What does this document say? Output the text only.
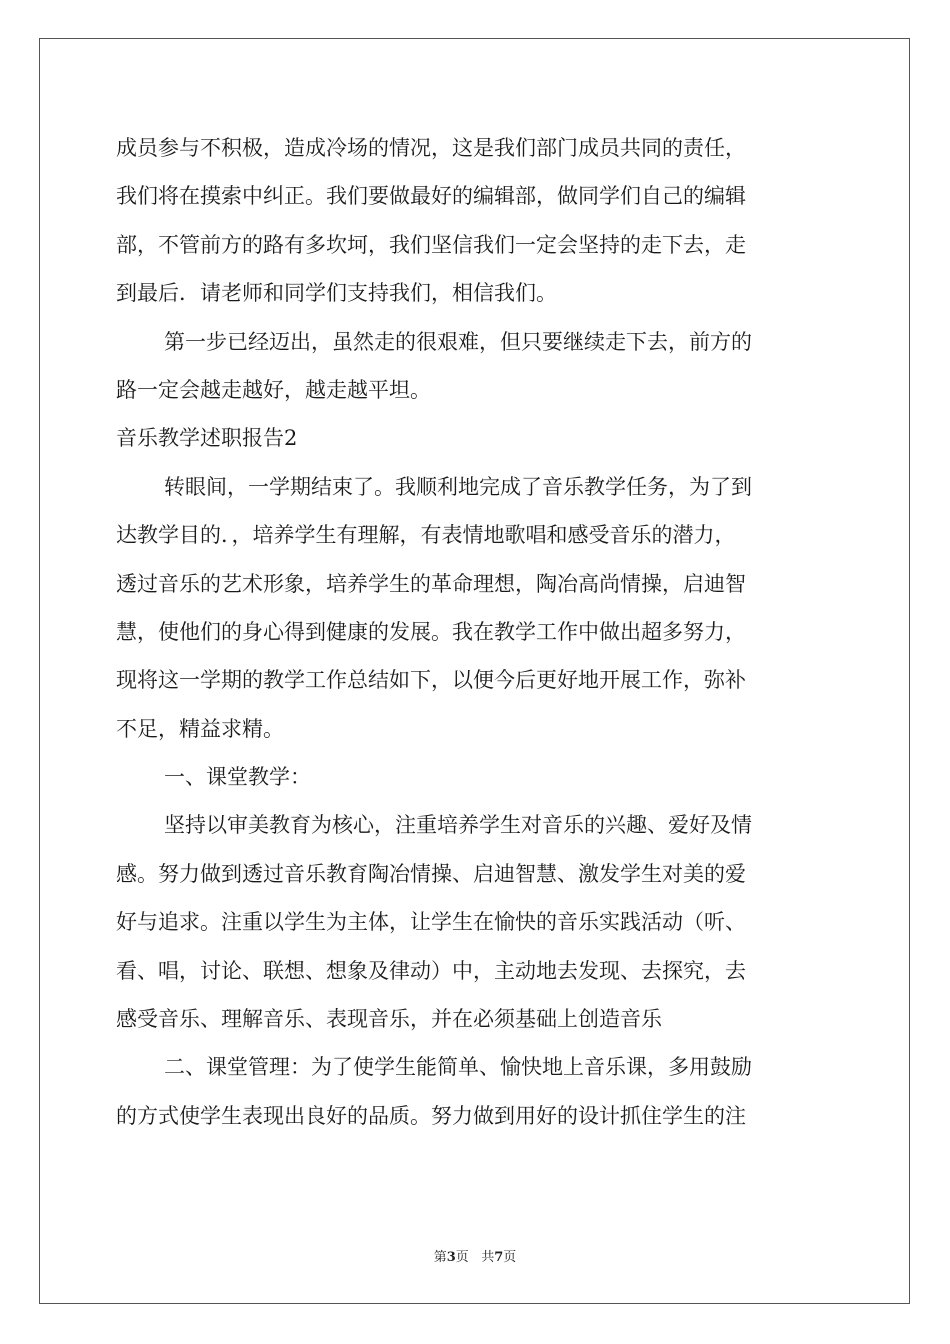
成员参与不积极，造成冷场的情况，这是我们部门成员共同的责任，
我们将在摸索中纠正。我们要做最好的编辑部，做同学们自己的编辑
部，不管前方的路有多坎坷，我们坚信我们一定会坚持的走下去，走
到最后．请老师和同学们支持我们，相信我们。
第一步已经迈出，虽然走的很艰难，但只要继续走下去，前方的
路一定会越走越好，越走越平坦。
音乐教学述职报告2
转眼间，一学期结束了。我顺利地完成了音乐教学任务，为了到
达教学目的．，培养学生有理解，有表情地歌唱和感受音乐的潜力，
透过音乐的艺术形象，培养学生的革命理想，陶冶高尚情操，启迪智
慧，使他们的身心得到健康的发展。我在教学工作中做出超多努力，
现将这一学期的教学工作总结如下，以便今后更好地开展工作，弥补
不足，精益求精。
一、课堂教学：
坚持以审美教育为核心，注重培养学生对音乐的兴趣、爱好及情
感。努力做到透过音乐教育陶冶情操、启迪智慧、激发学生对美的爱
好与追求。注重以学生为主体，让学生在愉快的音乐实践活动（听、
看、唱，讨论、联想、想象及律动）中，主动地去发现、去探究，去
感受音乐、理解音乐、表现音乐，并在必须基础上创造音乐
二、课堂管理：为了使学生能简单、愉快地上音乐课，多用鼓励
的方式使学生表现出良好的品质。努力做到用好的设计抓住学生的注
第3页 共7页
